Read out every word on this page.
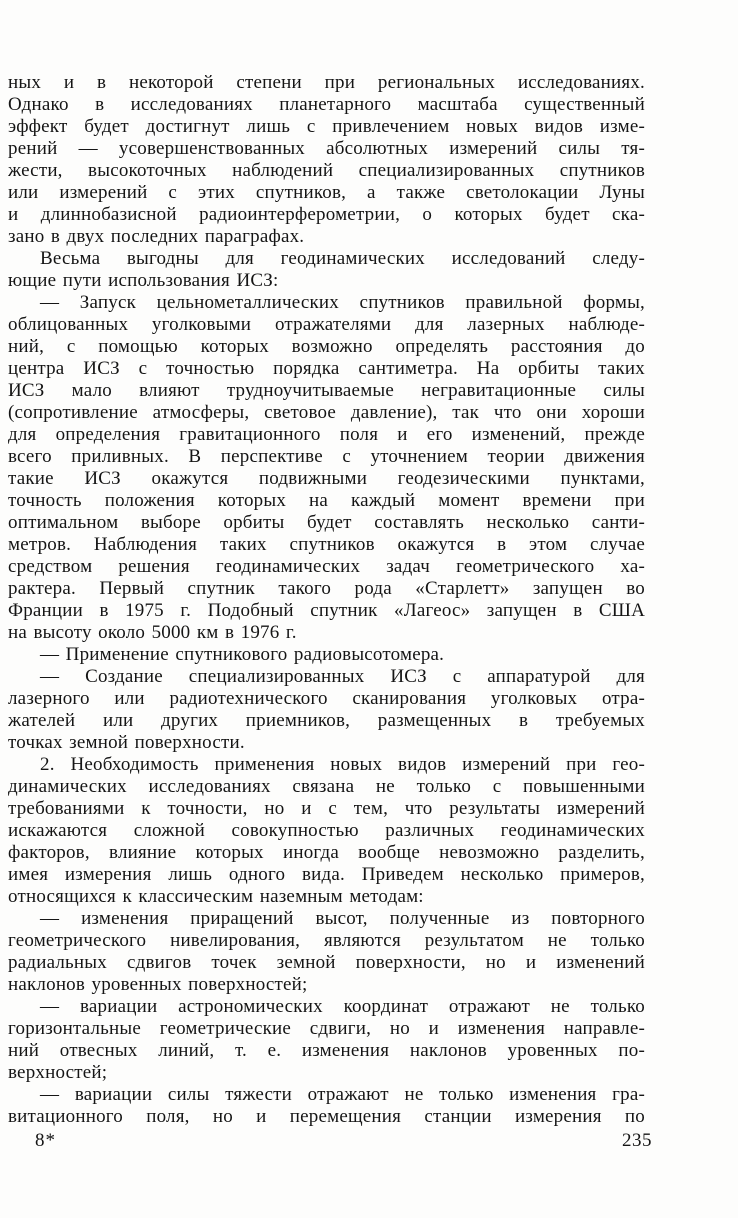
ных и в некоторой степени при региональных исследованиях.
Однако в исследованиях планетарного масштаба существенный
эффект будет достигнут лишь с привлечением новых видов изме-
рений — усовершенствованных абсолютных измерений силы тя-
жести, высокоточных наблюдений специализированных спутников
или измерений с этих спутников, а также светолокации Луны
и длиннобазисной радиоинтерферометрии, о которых будет ска-
зано в двух последних параграфах.

Весьма выгодны для геодинамических исследований следу-
ющие пути использования ИСЗ:

— Запуск цельнометаллических спутников правильной формы,
облицованных уголковыми отражателями для лазерных наблюде-
ний, с помощью которых возможно определять расстояния до
центра ИСЗ с точностью порядка сантиметра. На орбиты таких
ИСЗ мало влияют трудноучитываемые негравитационные силы
(сопротивление атмосферы, световое давление), так что они хороши
для определения гравитационного поля и его изменений, прежде
всего приливных. В перспективе с уточнением теории движения
такие ИСЗ окажутся подвижными геодезическими пунктами,
точность положения которых на каждый момент времени при
оптимальном выборе орбиты будет составлять несколько санти-
метров. Наблюдения таких спутников окажутся в этом случае
средством решения геодинамических задач геометрического ха-
рактера. Первый спутник такого рода «Старлетт» запущен во
Франции в 1975 г. Подобный спутник «Лагеос» запущен в США
на высоту около 5000 км в 1976 г.

— Применение спутникового радиовысотомера.

— Создание специализированных ИСЗ с аппаратурой для
лазерного или радиотехнического сканирования уголковых отра-
жателей или других приемников, размещенных в требуемых
точках земной поверхности.

2. Необходимость применения новых видов измерений при гео-
динамических исследованиях связана не только с повышенными
требованиями к точности, но и с тем, что результаты измерений
искажаются сложной совокупностью различных геодинамических
факторов, влияние которых иногда вообще невозможно разделить,
имея измерения лишь одного вида. Приведем несколько примеров,
относящихся к классическим наземным методам:

— изменения приращений высот, полученные из повторного
геометрического нивелирования, являются результатом не только
радиальных сдвигов точек земной поверхности, но и изменений
наклонов уровенных поверхностей;

— вариации астрономических координат отражают не только
горизонтальные геометрические сдвиги, но и изменения направле-
ний отвесных линий, т. е. изменения наклонов уровенных по-
верхностей;

— вариации силы тяжести отражают не только изменения гра-
витационного поля, но и перемещения станции измерения по

8*	235
